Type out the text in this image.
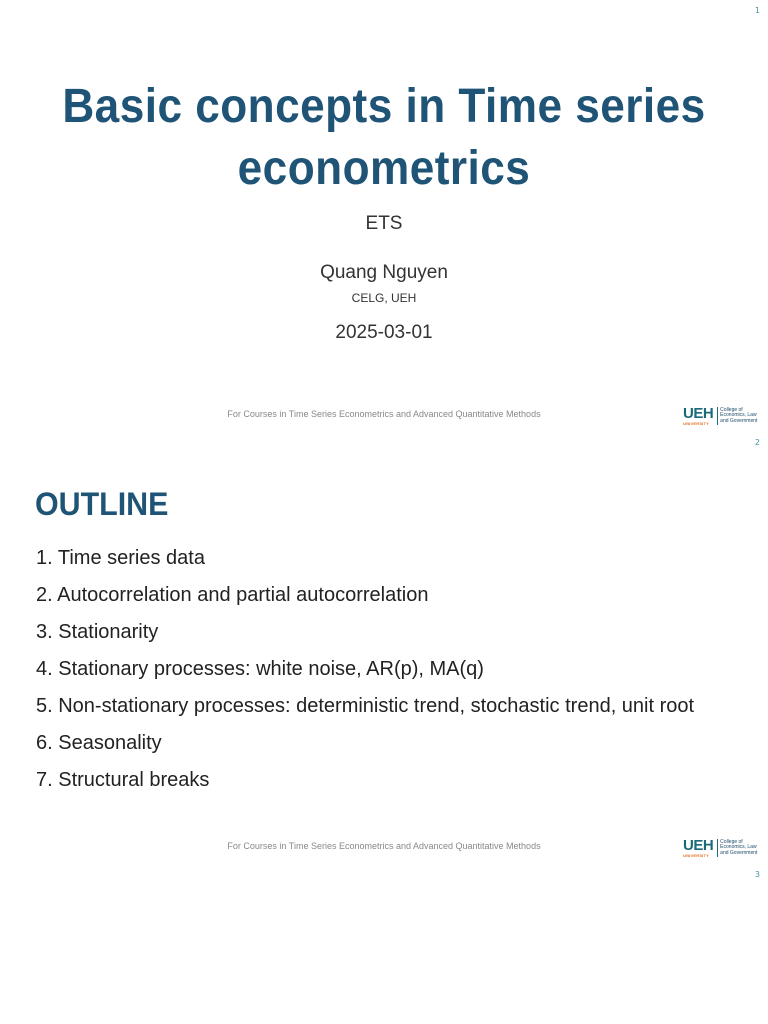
1
Basic concepts in Time series
econometrics
ETS
Quang Nguyen
CELG, UEH
2025-03-01
For Courses in Time Series Econometrics and Advanced Quantitative Methods	UEH
UNIVERSITY
College of
Economics, Law
and Government
2
OUTLINE
1. Time series data
2. Autocorrelation and partial autocorrelation
3. Stationarity
4. Stationary processes: white noise, AR(p), MA(q)
5. Non-stationary processes: deterministic trend, stochastic trend, unit root
6. Seasonality
7. Structural breaks
For Courses in Time Series Econometrics and Advanced Quantitative Methods	UEH
UNIVERSITY
College of
Economics, Law
and Government
3
